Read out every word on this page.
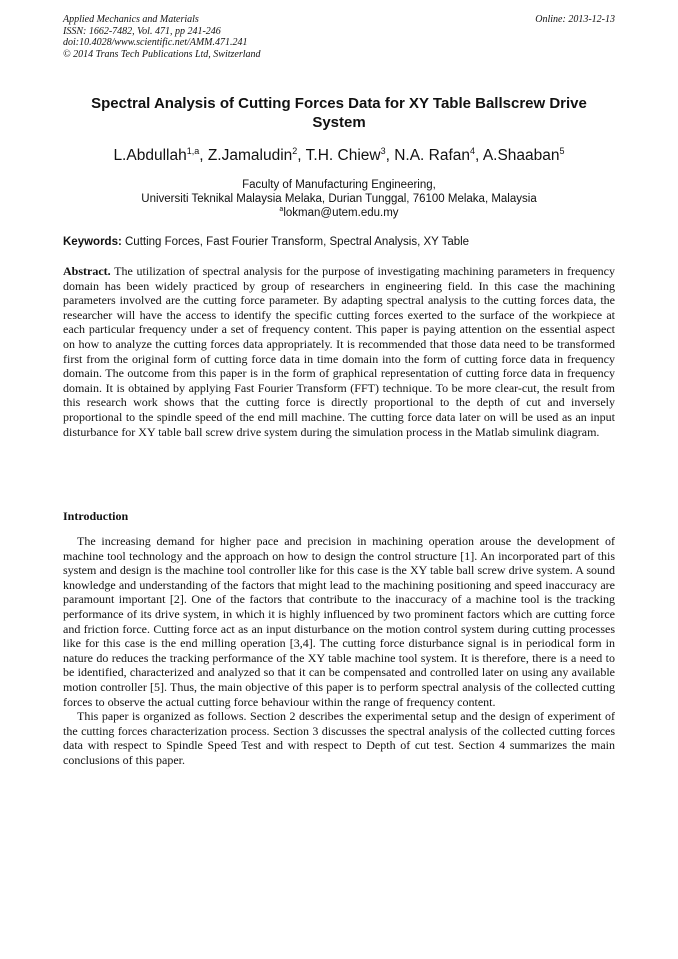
Applied Mechanics and Materials
ISSN: 1662-7482, Vol. 471, pp 241-246
doi:10.4028/www.scientific.net/AMM.471.241
© 2014 Trans Tech Publications Ltd, Switzerland
Online: 2013-12-13
Spectral Analysis of Cutting Forces Data for XY Table Ballscrew Drive System
L.Abdullah$^{1,a}$, Z.Jamaludin$^2$, T.H. Chiew$^3$, N.A. Rafan$^4$, A.Shaaban$^5$
Faculty of Manufacturing Engineering,
Universiti Teknikal Malaysia Melaka, Durian Tunggal, 76100 Melaka, Malaysia
$^a$lokman@utem.edu.my
Keywords: Cutting Forces, Fast Fourier Transform, Spectral Analysis, XY Table
Abstract. The utilization of spectral analysis for the purpose of investigating machining parameters in frequency domain has been widely practiced by group of researchers in engineering field. In this case the machining parameters involved are the cutting force parameter. By adapting spectral analysis to the cutting forces data, the researcher will have the access to identify the specific cutting forces exerted to the surface of the workpiece at each particular frequency under a set of frequency content. This paper is paying attention on the essential aspect on how to analyze the cutting forces data appropriately. It is recommended that those data need to be transformed first from the original form of cutting force data in time domain into the form of cutting force data in frequency domain. The outcome from this paper is in the form of graphical representation of cutting force data in frequency domain. It is obtained by applying Fast Fourier Transform (FFT) technique. To be more clear-cut, the result from this research work shows that the cutting force is directly proportional to the depth of cut and inversely proportional to the spindle speed of the end mill machine. The cutting force data later on will be used as an input disturbance for XY table ball screw drive system during the simulation process in the Matlab simulink diagram.
Introduction

The increasing demand for higher pace and precision in machining operation arouse the development of machine tool technology and the approach on how to design the control structure [1]. An incorporated part of this system and design is the machine tool controller like for this case is the XY table ball screw drive system. A sound knowledge and understanding of the factors that might lead to the machining positioning and speed inaccuracy are paramount important [2]. One of the factors that contribute to the inaccuracy of a machine tool is the tracking performance of its drive system, in which it is highly influenced by two prominent factors which are cutting force and friction force. Cutting force act as an input disturbance on the motion control system during cutting processes like for this case is the end milling operation [3,4]. The cutting force disturbance signal is in periodical form in nature do reduces the tracking performance of the XY table machine tool system. It is therefore, there is a need to be identified, characterized and analyzed so that it can be compensated and controlled later on using any available motion controller [5]. Thus, the main objective of this paper is to perform spectral analysis of the collected cutting forces to observe the actual cutting force behaviour within the range of frequency content.

This paper is organized as follows. Section 2 describes the experimental setup and the design of experiment of the cutting forces characterization process. Section 3 discusses the spectral analysis of the collected cutting forces data with respect to Spindle Speed Test and with respect to Depth of cut test. Section 4 summarizes the main conclusions of this paper.
